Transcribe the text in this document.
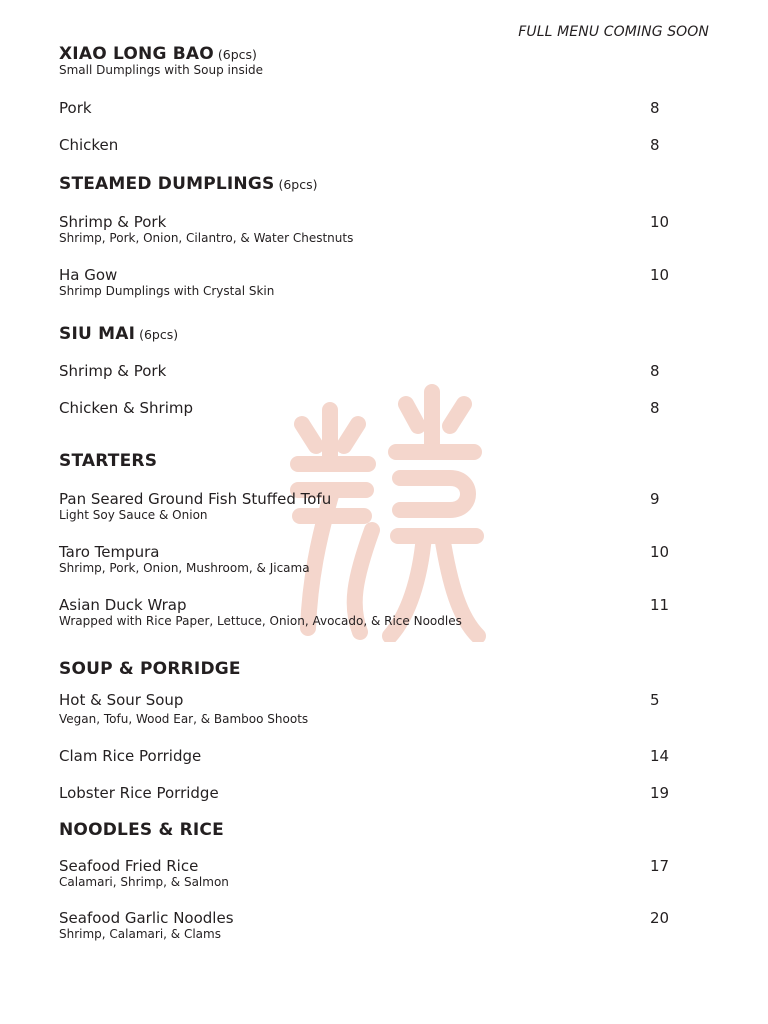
FULL MENU COMING SOON
XIAO LONG BAO (6pcs)
Small Dumplings with Soup inside
Pork	8
Chicken	8
STEAMED DUMPLINGS (6pcs)
Shrimp & Pork	10
Shrimp, Pork, Onion, Cilantro, & Water Chestnuts
Ha Gow	10
Shrimp Dumplings with Crystal Skin
SIU MAI (6pcs)
Shrimp & Pork	8
Chicken & Shrimp	8
STARTERS
Pan Seared Ground Fish Stuffed Tofu	9
Light Soy Sauce & Onion
Taro Tempura	10
Shrimp, Pork, Onion, Mushroom, & Jicama
Asian Duck Wrap	11
Wrapped with Rice Paper, Lettuce, Onion, Avocado, & Rice Noodles
SOUP & PORRIDGE
Hot & Sour Soup	5
Vegan, Tofu, Wood Ear, & Bamboo Shoots
Clam Rice Porridge	14
Lobster Rice Porridge	19
NOODLES & RICE
Seafood Fried Rice	17
Calamari, Shrimp, & Salmon
Seafood Garlic Noodles	20
Shrimp, Calamari, & Clams
